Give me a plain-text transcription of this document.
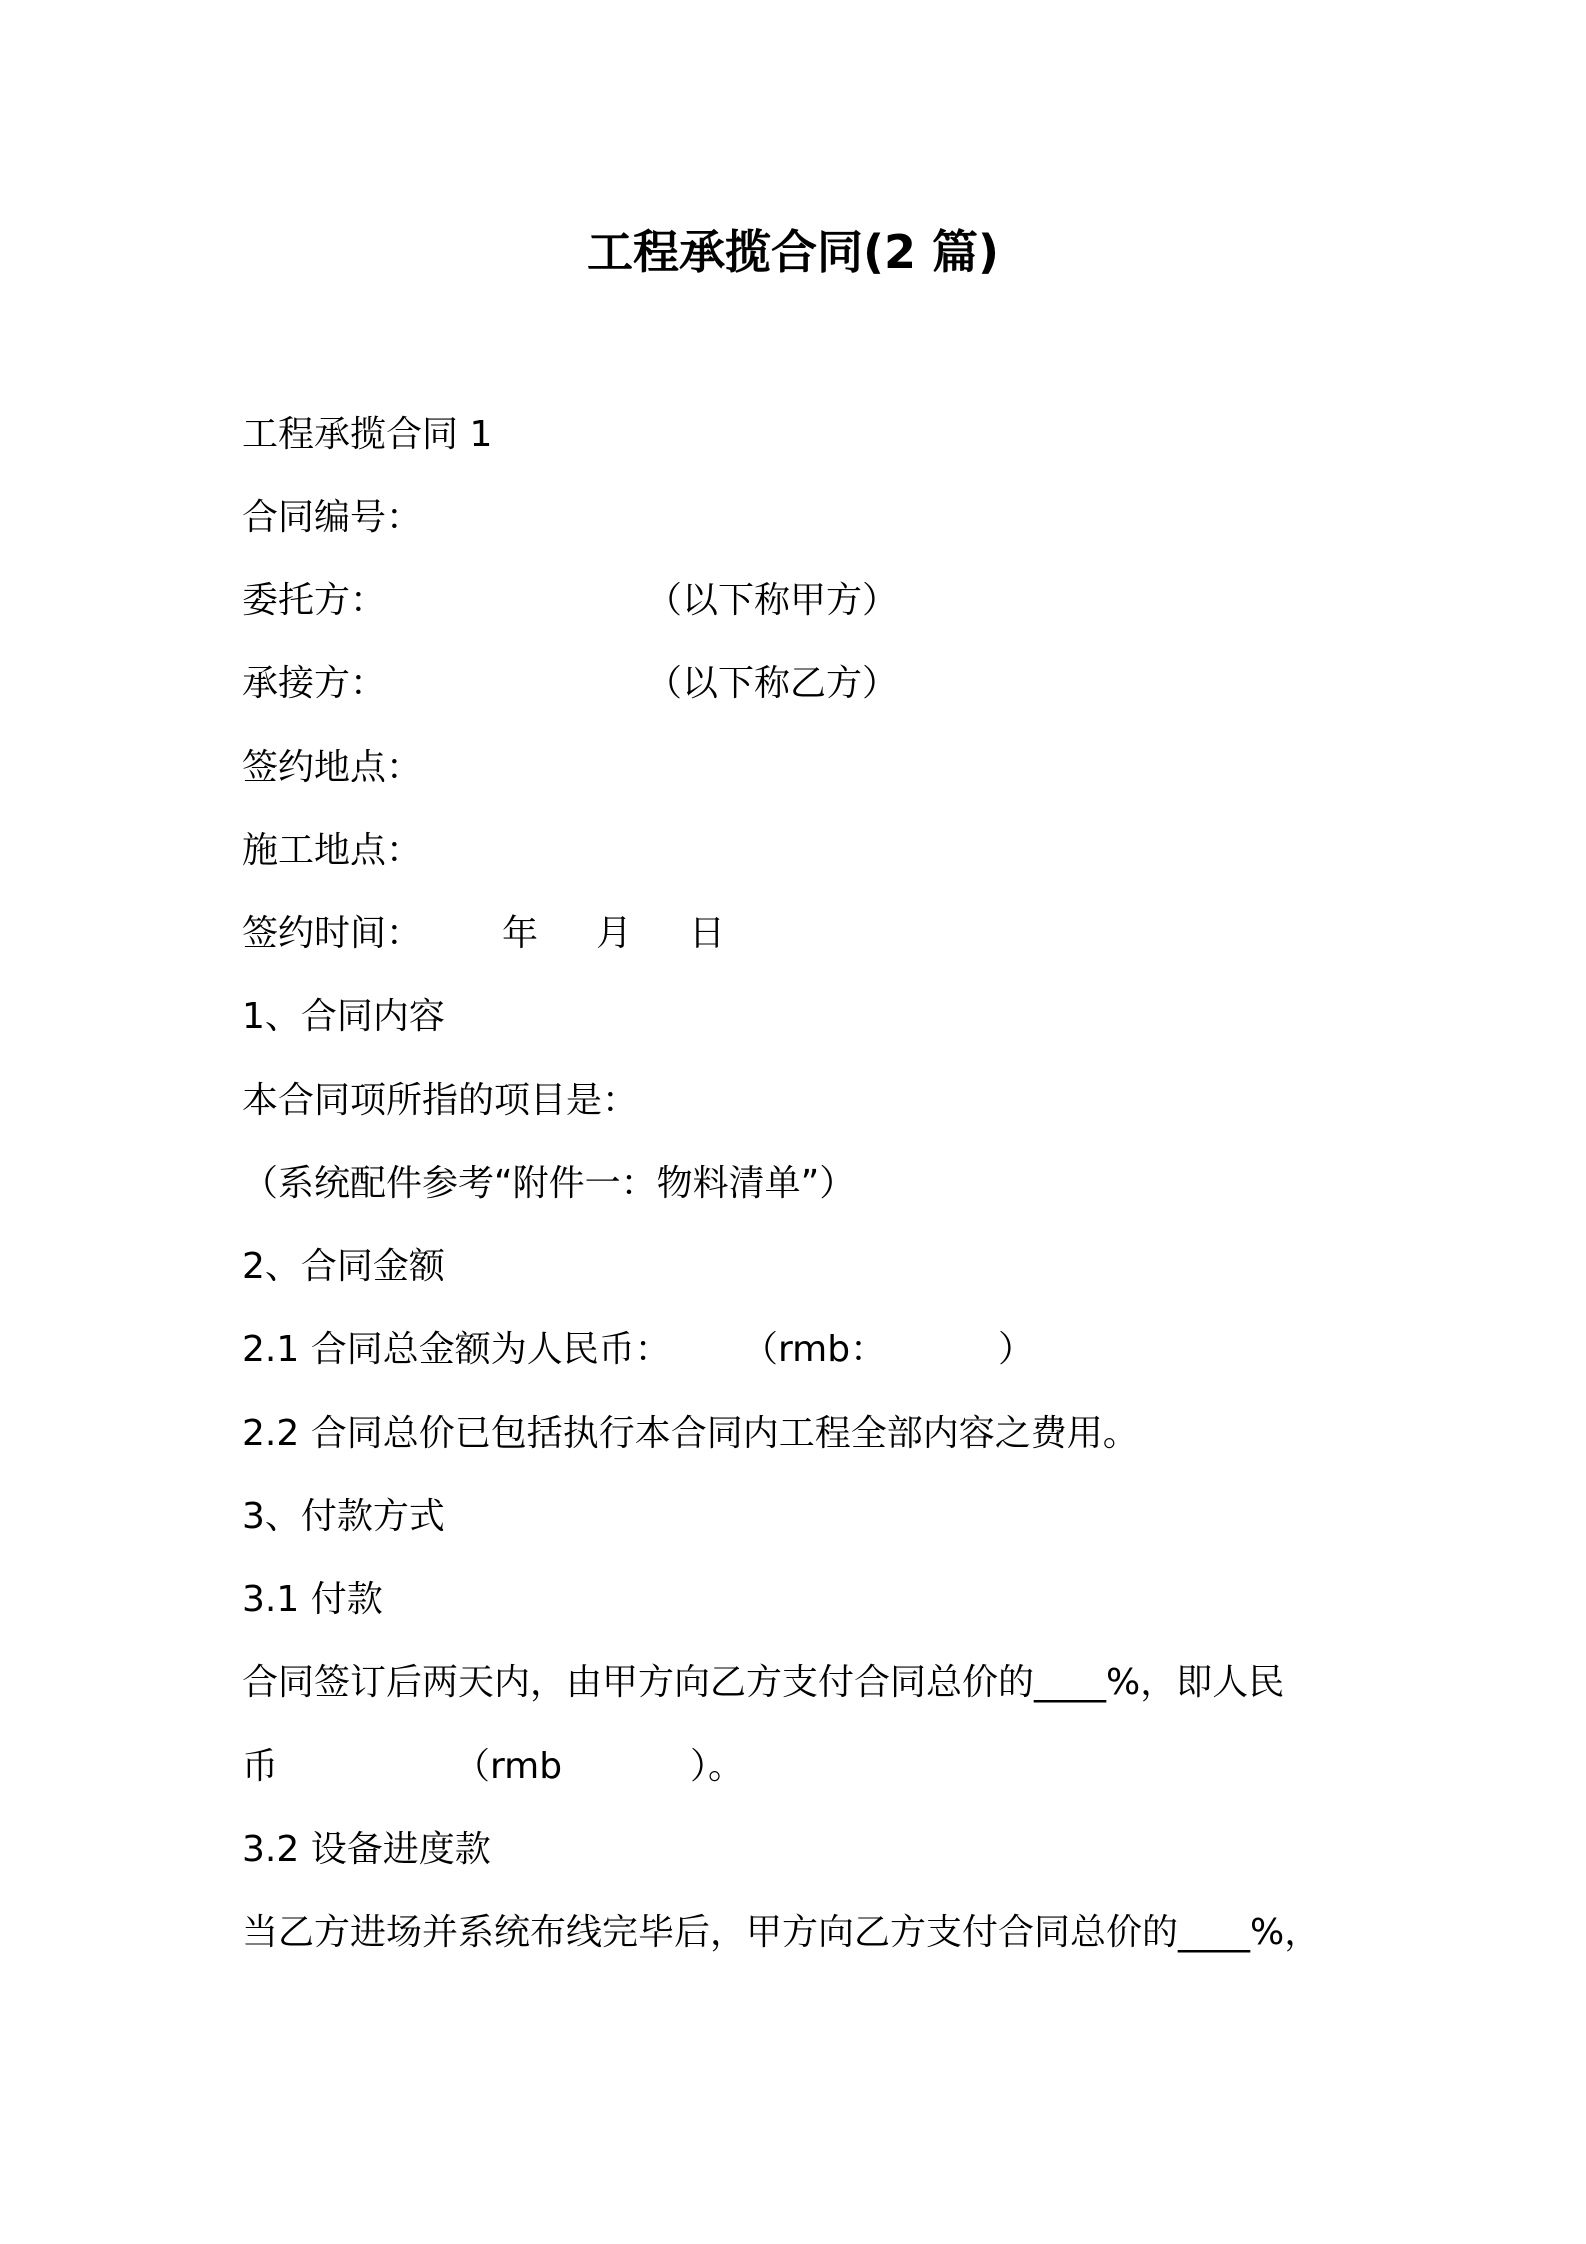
工程承揽合同(2 篇)
工程承揽合同 1
合同编号：
委托方：	（以下称甲方）
承接方：	（以下称乙方）
签约地点：
施工地点：
签约时间： 年 月 日
1、合同内容
本合同项所指的项目是：
（系统配件参考“附件一：物料清单”）
2、合同金额
2.1 合同总金额为人民币： （rmb：	）
2.2 合同总价已包括执行本合同内工程全部内容之费用。
3、付款方式
3.1 付款
合同签订后两天内，由甲方向乙方支付合同总价的____%，即人民
币	（rmb	）。
3.2 设备进度款
当乙方进场并系统布线完毕后，甲方向乙方支付合同总价的____%，
